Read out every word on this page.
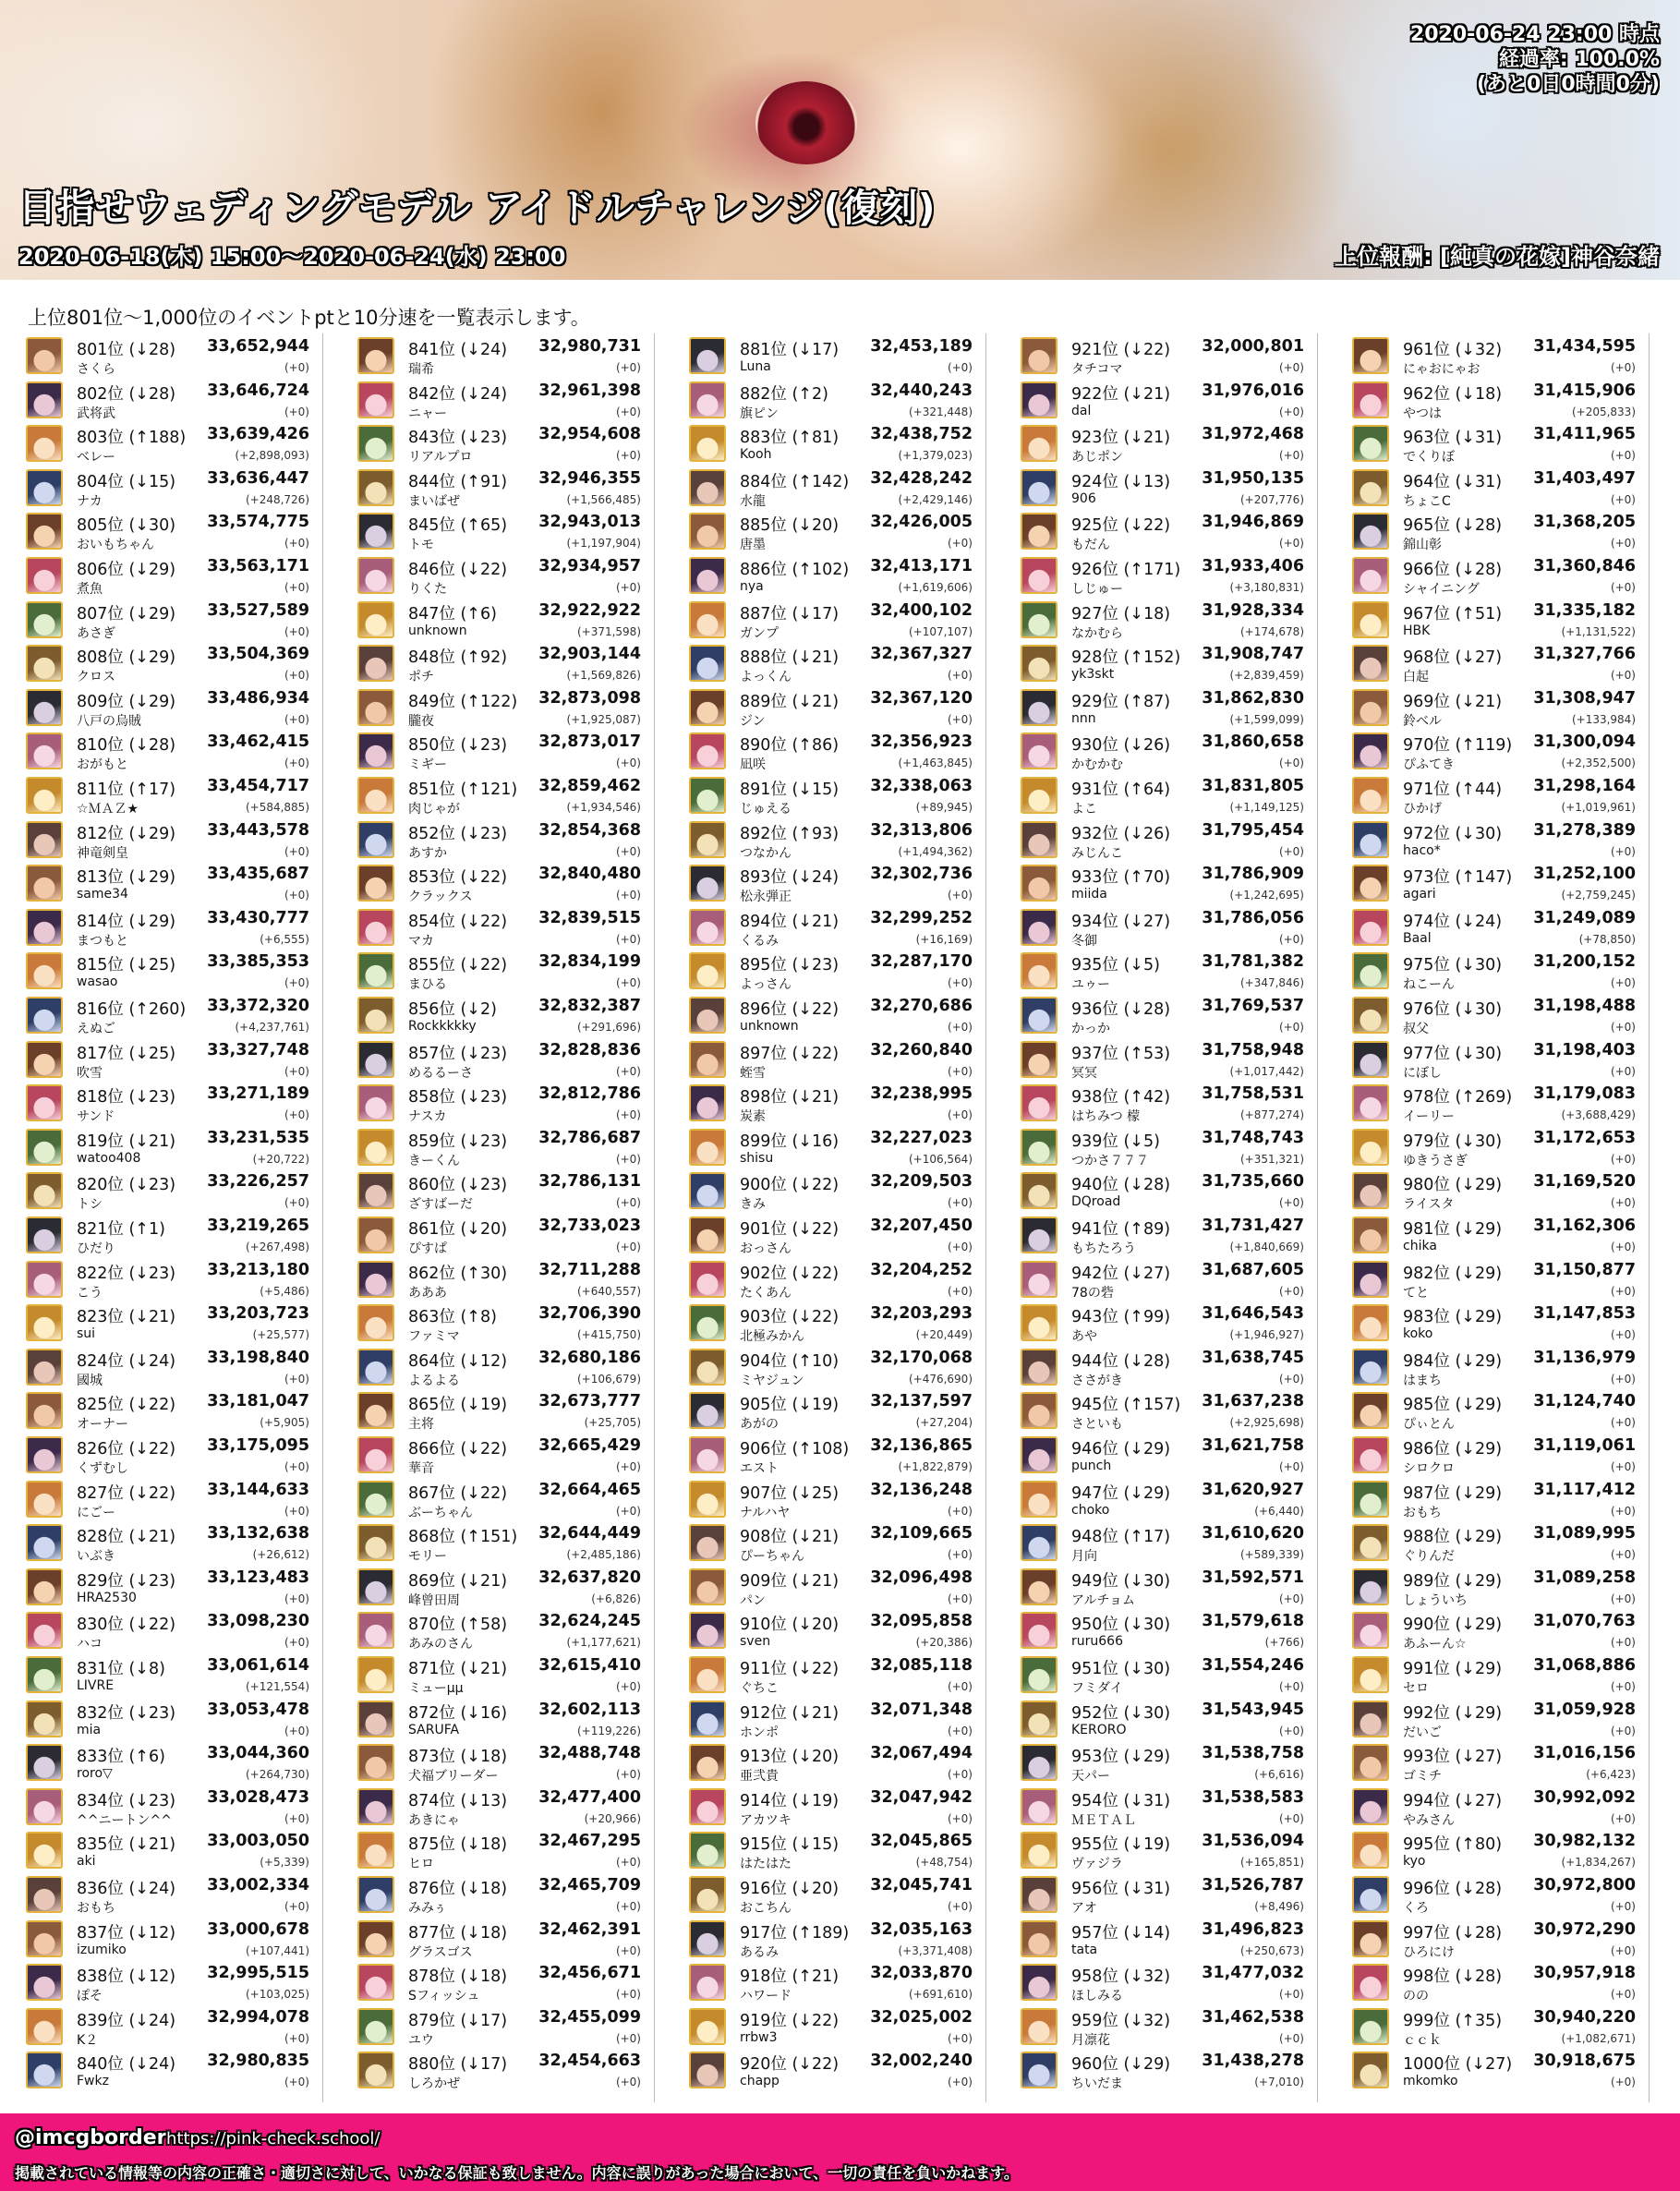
2020-06-24 23:00 時点
経過率: 100.0%
(あと0日0時間0分)
目指せウェディングモデル アイドルチャレンジ(復刻)
2020-06-18(木) 15:00～2020-06-24(水) 23:00	上位報酬: [純真の花嫁]神谷奈緒
上位801位～1,000位のイベントptと10分速を一覧表示します。
801位 (↓28) 33,652,944
さくら	(+0)
802位 (↓28) 33,646,724
武将武	(+0)
803位 (↑188) 33,639,426
ベレー	(+2,898,093)
804位 (↓15) 33,636,447
ナカ	(+248,726)
805位 (↓30) 33,574,775
おいもちゃん	(+0)
806位 (↓29) 33,563,171
煮魚	(+0)
807位 (↓29) 33,527,589
あさぎ	(+0)
808位 (↓29) 33,504,369
クロス	(+0)
809位 (↓29) 33,486,934
八戸の烏賊	(+0)
810位 (↓28) 33,462,415
おがもと	(+0)
811位 (↑17) 33,454,717
☆ＭＡＺ★	(+584,885)
812位 (↓29) 33,443,578
神竜剣皇	(+0)
813位 (↓29) 33,435,687
same34	(+0)
814位 (↓29) 33,430,777
まつもと	(+6,555)
815位 (↓25) 33,385,353
wasao	(+0)
816位 (↑260) 33,372,320
えぬご	(+4,237,761)
817位 (↓25) 33,327,748
吹雪	(+0)
818位 (↓23) 33,271,189
サンド	(+0)
819位 (↓21) 33,231,535
watoo408	(+20,722)
820位 (↓23) 33,226,257
トシ	(+0)
821位 (↑1)	33,219,265
ひだり	(+267,498)
822位 (↓23) 33,213,180
こう	(+5,486)
823位 (↓21) 33,203,723
sui	(+25,577)
824位 (↓24) 33,198,840
國城	(+0)
825位 (↓22) 33,181,047
オーナー	(+5,905)
826位 (↓22) 33,175,095
くずむし	(+0)
827位 (↓22) 33,144,633
にごー	(+0)
828位 (↓21) 33,132,638
いぶき	(+26,612)
829位 (↓23) 33,123,483
HRA2530	(+0)
830位 (↓22) 33,098,230
ハコ	(+0)
831位 (↓8)	33,061,614
LIVRE	(+121,554)
832位 (↓23) 33,053,478
mia	(+0)
833位 (↑6)	33,044,360
roro▽	(+264,730)
834位 (↓23) 33,028,473
^^ニートン^^	(+0)
835位 (↓21) 33,003,050
aki	(+5,339)
836位 (↓24) 33,002,334
おもち	(+0)
837位 (↓12) 33,000,678
izumiko	(+107,441)
838位 (↓12) 32,995,515
ぽそ	(+103,025)
839位 (↓24) 32,994,078
K２	(+0)
840位 (↓24) 32,980,835
Fwkz	(+0)
841位 (↓24) 32,980,731
瑞希	(+0)
842位 (↓24) 32,961,398
ニャー	(+0)
843位 (↓23) 32,954,608
リアルプロ	(+0)
844位 (↑91) 32,946,355
まいばぜ	(+1,566,485)
845位 (↑65) 32,943,013
トモ	(+1,197,904)
846位 (↓22) 32,934,957
りくた	(+0)
847位 (↑6)	32,922,922
unknown	(+371,598)
848位 (↑92) 32,903,144
ポチ	(+1,569,826)
849位 (↑122) 32,873,098
朧夜	(+1,925,087)
850位 (↓23) 32,873,017
ミギー	(+0)
851位 (↑121) 32,859,462
肉じゃが	(+1,934,546)
852位 (↓23) 32,854,368
あすか	(+0)
853位 (↓22) 32,840,480
クラックス	(+0)
854位 (↓22) 32,839,515
マカ	(+0)
855位 (↓22) 32,834,199
まひる	(+0)
856位 (↓2)	32,832,387
Rockkkkky	(+291,696)
857位 (↓23) 32,828,836
めるるーさ	(+0)
858位 (↓23) 32,812,786
ナスカ	(+0)
859位 (↓23) 32,786,687
きーくん	(+0)
860位 (↓23) 32,786,131
ざすばーだ	(+0)
861位 (↓20) 32,733,023
ぴすぱ	(+0)
862位 (↑30) 32,711,288
あああ	(+640,557)
863位 (↑8)	32,706,390
ファミマ	(+415,750)
864位 (↓12) 32,680,186
よるよる	(+106,679)
865位 (↓19) 32,673,777
主将	(+25,705)
866位 (↓22) 32,665,429
華音	(+0)
867位 (↓22) 32,664,465
ぶーちゃん	(+0)
868位 (↑151) 32,644,449
モリー	(+2,485,186)
869位 (↓21) 32,637,820
峰曾田周	(+6,826)
870位 (↑58) 32,624,245
あみのさん	(+1,177,621)
871位 (↓21) 32,615,410
ミューμμ	(+0)
872位 (↓16) 32,602,113
SARUFA	(+119,226)
873位 (↓18) 32,488,748
犬福ブリーダー	(+0)
874位 (↓13) 32,477,400
あきにゃ	(+20,966)
875位 (↓18) 32,467,295
ヒロ	(+0)
876位 (↓18) 32,465,709
みみぅ	(+0)
877位 (↓18) 32,462,391
グラスゴス	(+0)
878位 (↓18) 32,456,671
Sフィッシュ	(+0)
879位 (↓17) 32,455,099
ユウ	(+0)
880位 (↓17) 32,454,663
しろかぜ	(+0)
881位 (↓17) 32,453,189
Luna	(+0)
882位 (↑2)	32,440,243
旗ピン	(+321,448)
883位 (↑81) 32,438,752
Kooh	(+1,379,023)
884位 (↑142) 32,428,242
水龍	(+2,429,146)
885位 (↓20) 32,426,005
唐墨	(+0)
886位 (↑102) 32,413,171
nya	(+1,619,606)
887位 (↓17) 32,400,102
ガンプ	(+107,107)
888位 (↓21) 32,367,327
よっくん	(+0)
889位 (↓21) 32,367,120
ジン	(+0)
890位 (↑86) 32,356,923
凪咲	(+1,463,845)
891位 (↓15) 32,338,063
じゅえる	(+89,945)
892位 (↑93) 32,313,806
つなかん	(+1,494,362)
893位 (↓24) 32,302,736
松永弾正	(+0)
894位 (↓21) 32,299,252
くるみ	(+16,169)
895位 (↓23) 32,287,170
よっさん	(+0)
896位 (↓22) 32,270,686
unknown	(+0)
897位 (↓22) 32,260,840
蛭雪	(+0)
898位 (↓21) 32,238,995
炭素	(+0)
899位 (↓16) 32,227,023
shisu	(+106,564)
900位 (↓22) 32,209,503
きみ	(+0)
901位 (↓22) 32,207,450
おっさん	(+0)
902位 (↓22) 32,204,252
たくあん	(+0)
903位 (↓22) 32,203,293
北極みかん	(+20,449)
904位 (↑10) 32,170,068
ミヤジュン	(+476,690)
905位 (↓19) 32,137,597
あがの	(+27,204)
906位 (↑108) 32,136,865
エスト	(+1,822,879)
907位 (↓25) 32,136,248
ナルハヤ	(+0)
908位 (↓21) 32,109,665
ぴーちゃん	(+0)
909位 (↓21) 32,096,498
パン	(+0)
910位 (↓20) 32,095,858
sven	(+20,386)
911位 (↓22) 32,085,118
ぐちこ	(+0)
912位 (↓21) 32,071,348
ホンポ	(+0)
913位 (↓20) 32,067,494
亜弐貴	(+0)
914位 (↓19) 32,047,942
アカツキ	(+0)
915位 (↓15) 32,045,865
はたはた	(+48,754)
916位 (↓20) 32,045,741
おこちん	(+0)
917位 (↑189) 32,035,163
あるみ	(+3,371,408)
918位 (↑21) 32,033,870
ハワード	(+691,610)
919位 (↓22) 32,025,002
rrbw3	(+0)
920位 (↓22) 32,002,240
chapp	(+0)
921位 (↓22) 32,000,801
タチコマ	(+0)
922位 (↓21) 31,976,016
dal	(+0)
923位 (↓21) 31,972,468
あじポン	(+0)
924位 (↓13) 31,950,135
906	(+207,776)
925位 (↓22) 31,946,869
もだん	(+0)
926位 (↑171) 31,933,406
しじゅー	(+3,180,831)
927位 (↓18) 31,928,334
なかむら	(+174,678)
928位 (↑152) 31,908,747
yk3skt	(+2,839,459)
929位 (↑87) 31,862,830
nnn	(+1,599,099)
930位 (↓26) 31,860,658
かむかむ	(+0)
931位 (↑64) 31,831,805
よこ	(+1,149,125)
932位 (↓26) 31,795,454
みじんこ	(+0)
933位 (↑70) 31,786,909
miida	(+1,242,695)
934位 (↓27) 31,786,056
冬御	(+0)
935位 (↓5)	31,781,382
ユゥー	(+347,846)
936位 (↓28) 31,769,537
かっか	(+0)
937位 (↑53) 31,758,948
冥冥	(+1,017,442)
938位 (↑42) 31,758,531
はちみつ 檬	(+877,274)
939位 (↓5)	31,748,743
つかさ７７７	(+351,321)
940位 (↓28) 31,735,660
DQroad	(+0)
941位 (↑89) 31,731,427
もちたろう	(+1,840,669)
942位 (↓27) 31,687,605
78の砦	(+0)
943位 (↑99) 31,646,543
あや	(+1,946,927)
944位 (↓28) 31,638,745
ささがき	(+0)
945位 (↑157) 31,637,238
さといも	(+2,925,698)
946位 (↓29) 31,621,758
punch	(+0)
947位 (↓29) 31,620,927
choko	(+6,440)
948位 (↑17) 31,610,620
月向	(+589,339)
949位 (↓30) 31,592,571
アルチョム	(+0)
950位 (↓30) 31,579,618
ruru666	(+766)
951位 (↓30) 31,554,246
フミダイ	(+0)
952位 (↓30) 31,543,945
KERORO	(+0)
953位 (↓29) 31,538,758
天パー	(+6,616)
954位 (↓31) 31,538,583
ＭＥＴＡＬ	(+0)
955位 (↓19) 31,536,094
ヴァジラ	(+165,851)
956位 (↓31) 31,526,787
アオ	(+8,496)
957位 (↓14) 31,496,823
tata	(+250,673)
958位 (↓32) 31,477,032
ほしみる	(+0)
959位 (↓32) 31,462,538
月凛花	(+0)
960位 (↓29) 31,438,278
ちいだま	(+7,010)
961位 (↓32) 31,434,595
にゃおにゃお	(+0)
962位 (↓18) 31,415,906
やつは	(+205,833)
963位 (↓31) 31,411,965
でくりぼ	(+0)
964位 (↓31) 31,403,497
ちょこC	(+0)
965位 (↓28) 31,368,205
錦山彰	(+0)
966位 (↓28) 31,360,846
シャイニング	(+0)
967位 (↑51) 31,335,182
HBK	(+1,131,522)
968位 (↓27) 31,327,766
白起	(+0)
969位 (↓21) 31,308,947
鈴ベル	(+133,984)
970位 (↑119) 31,300,094
ぴふてき	(+2,352,500)
971位 (↑44) 31,298,164
ひかげ	(+1,019,961)
972位 (↓30) 31,278,389
haco*	(+0)
973位 (↑147) 31,252,100
agari	(+2,759,245)
974位 (↓24) 31,249,089
Baal	(+78,850)
975位 (↓30) 31,200,152
ねこーん	(+0)
976位 (↓30) 31,198,488
叔父	(+0)
977位 (↓30) 31,198,403
にぼし	(+0)
978位 (↑269) 31,179,083
イーリー	(+3,688,429)
979位 (↓30) 31,172,653
ゆきうさぎ	(+0)
980位 (↓29) 31,169,520
ライスタ	(+0)
981位 (↓29) 31,162,306
chika	(+0)
982位 (↓29) 31,150,877
てと	(+0)
983位 (↓29) 31,147,853
koko	(+0)
984位 (↓29) 31,136,979
はまち	(+0)
985位 (↓29) 31,124,740
ぴぃとん	(+0)
986位 (↓29) 31,119,061
シロクロ	(+0)
987位 (↓29) 31,117,412
おもち	(+0)
988位 (↓29) 31,089,995
ぐりんだ	(+0)
989位 (↓29) 31,089,258
しょういち	(+0)
990位 (↓29) 31,070,763
あふーん☆	(+0)
991位 (↓29) 31,068,886
セロ	(+0)
992位 (↓29) 31,059,928
だいご	(+0)
993位 (↓27) 31,016,156
ゴミチ	(+6,423)
994位 (↓27) 30,992,092
やみさん	(+0)
995位 (↑80) 30,982,132
kyo	(+1,834,267)
996位 (↓28) 30,972,800
くろ	(+0)
997位 (↓28) 30,972,290
ひろにけ	(+0)
998位 (↓28) 30,957,918
のの	(+0)
999位 (↑35) 30,940,220
ｃｃｋ	(+1,082,671)
1000位 (↓27) 30,918,675
mkomko	(+0)
@imcgborder https://pink-check.school/
掲載されている情報等の内容の正確さ・適切さに対して、いかなる保証も致しません。内容に誤りがあった場合において、一切の責任を負いかねます。
